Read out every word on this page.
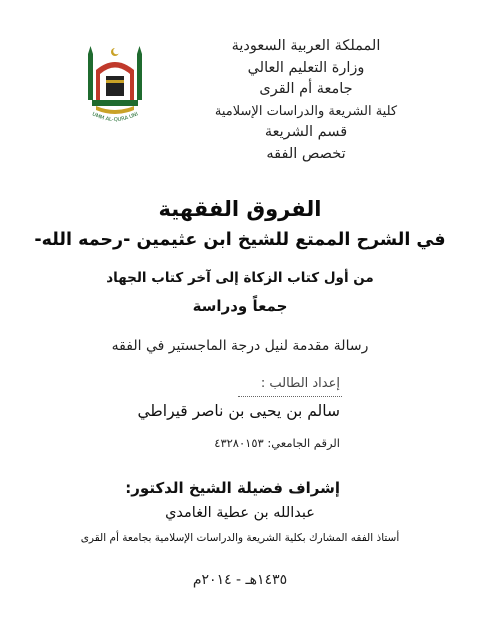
UMM AL-QURA UNI
المملكة العربية السعودية
وزارة التعليم العالي
جامعة أم القرى
كلية الشريعة والدراسات الإسلامية
قسم الشريعة
تخصص الفقه
الفروق الفقهية
في الشرح الممتع للشيخ ابن عثيمين -رحمه الله-
من أول كتاب الزكاة إلى آخر كتاب الجهاد
جمعاً ودراسة
رسالة مقدمة لنيل درجة الماجستير في الفقه
إعداد الطالب :
سالم بن يحيى بن ناصر قيراطي
الرقم الجامعي: ٤٣٢٨٠١٥٣
إشراف فضيلة الشيخ الدكتور:
عبدالله بن عطية الغامدي
أستاذ الفقه المشارك بكلية الشريعة والدراسات الإسلامية بجامعة أم القرى
١٤٣٥هـ - ٢٠١٤م
